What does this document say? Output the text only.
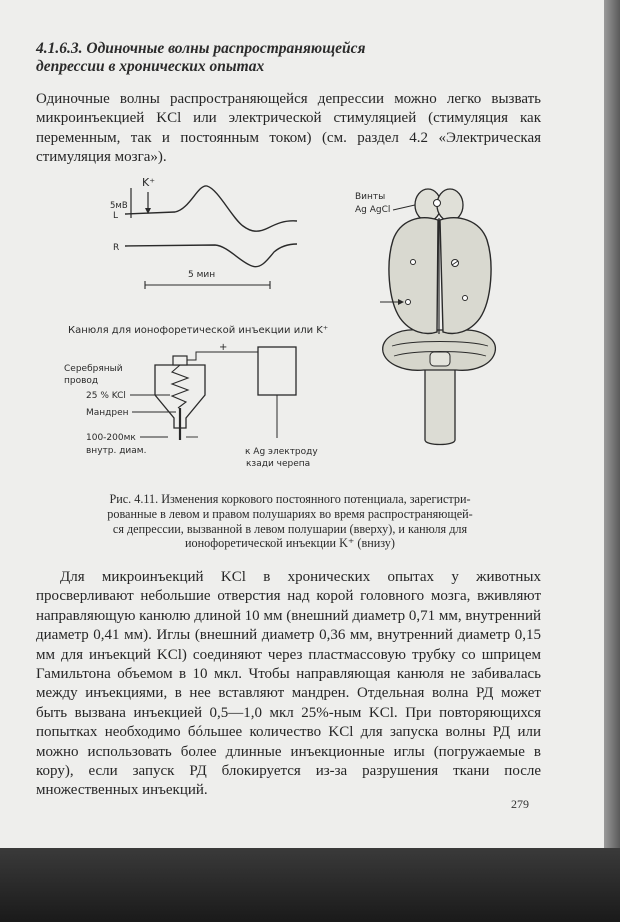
4.1.6.3. Одиночные волны распространяющейся
депрессии в хронических опытах

Одиночные волны распространяющейся депрессии можно легко вызвать микроинъекцией KCl или электрической стимуляцией (стимуляция как переменным, так и постоянным током) (см. раздел 4.2 «Электрическая стимуляция мозга»).

K⁺
5мВ
L
R
5 мин
Винты
Ag AgCl
Канюля для ионофоретической инъекции или K⁺
Серебряный
провод
25 % KCl
Мандрен
100-200мк
внутр. диам.
+
к Ag электроду
кзади черепа

Рис. 4.11. Изменения коркового постоянного потенциала, зарегистри-
рованные в левом и правом полушариях во время распространяющей-
ся депрессии, вызванной в левом полушарии (вверху), и канюля для
ионофоретической инъекции K⁺ (внизу)

Для микроинъекций KCl в хронических опытах у животных просверливают небольшие отверстия над корой головного мозга, вживляют направляющую канюлю длиной 10 мм (внешний диаметр 0,71 мм, внутренний диаметр 0,41 мм). Иглы (внешний диаметр 0,36 мм, внутренний диаметр 0,15 мм для инъекций KCl) соединяют через пластмассовую трубку со шприцем Гамильтона объемом в 10 мкл. Чтобы направляющая канюля не забивалась между инъекциями, в нее вставляют мандрен. Отдельная волна РД может быть вызвана инъекцией 0,5—1,0 мкл 25%-ным KCl. При повторяющихся попытках необходимо бóльшее количество KCl для запуска волны РД или можно использовать более длинные инъекционные иглы (погружаемые в кору), если запуск РД блокируется из-за разрушения ткани после множественных инъекций.

279
